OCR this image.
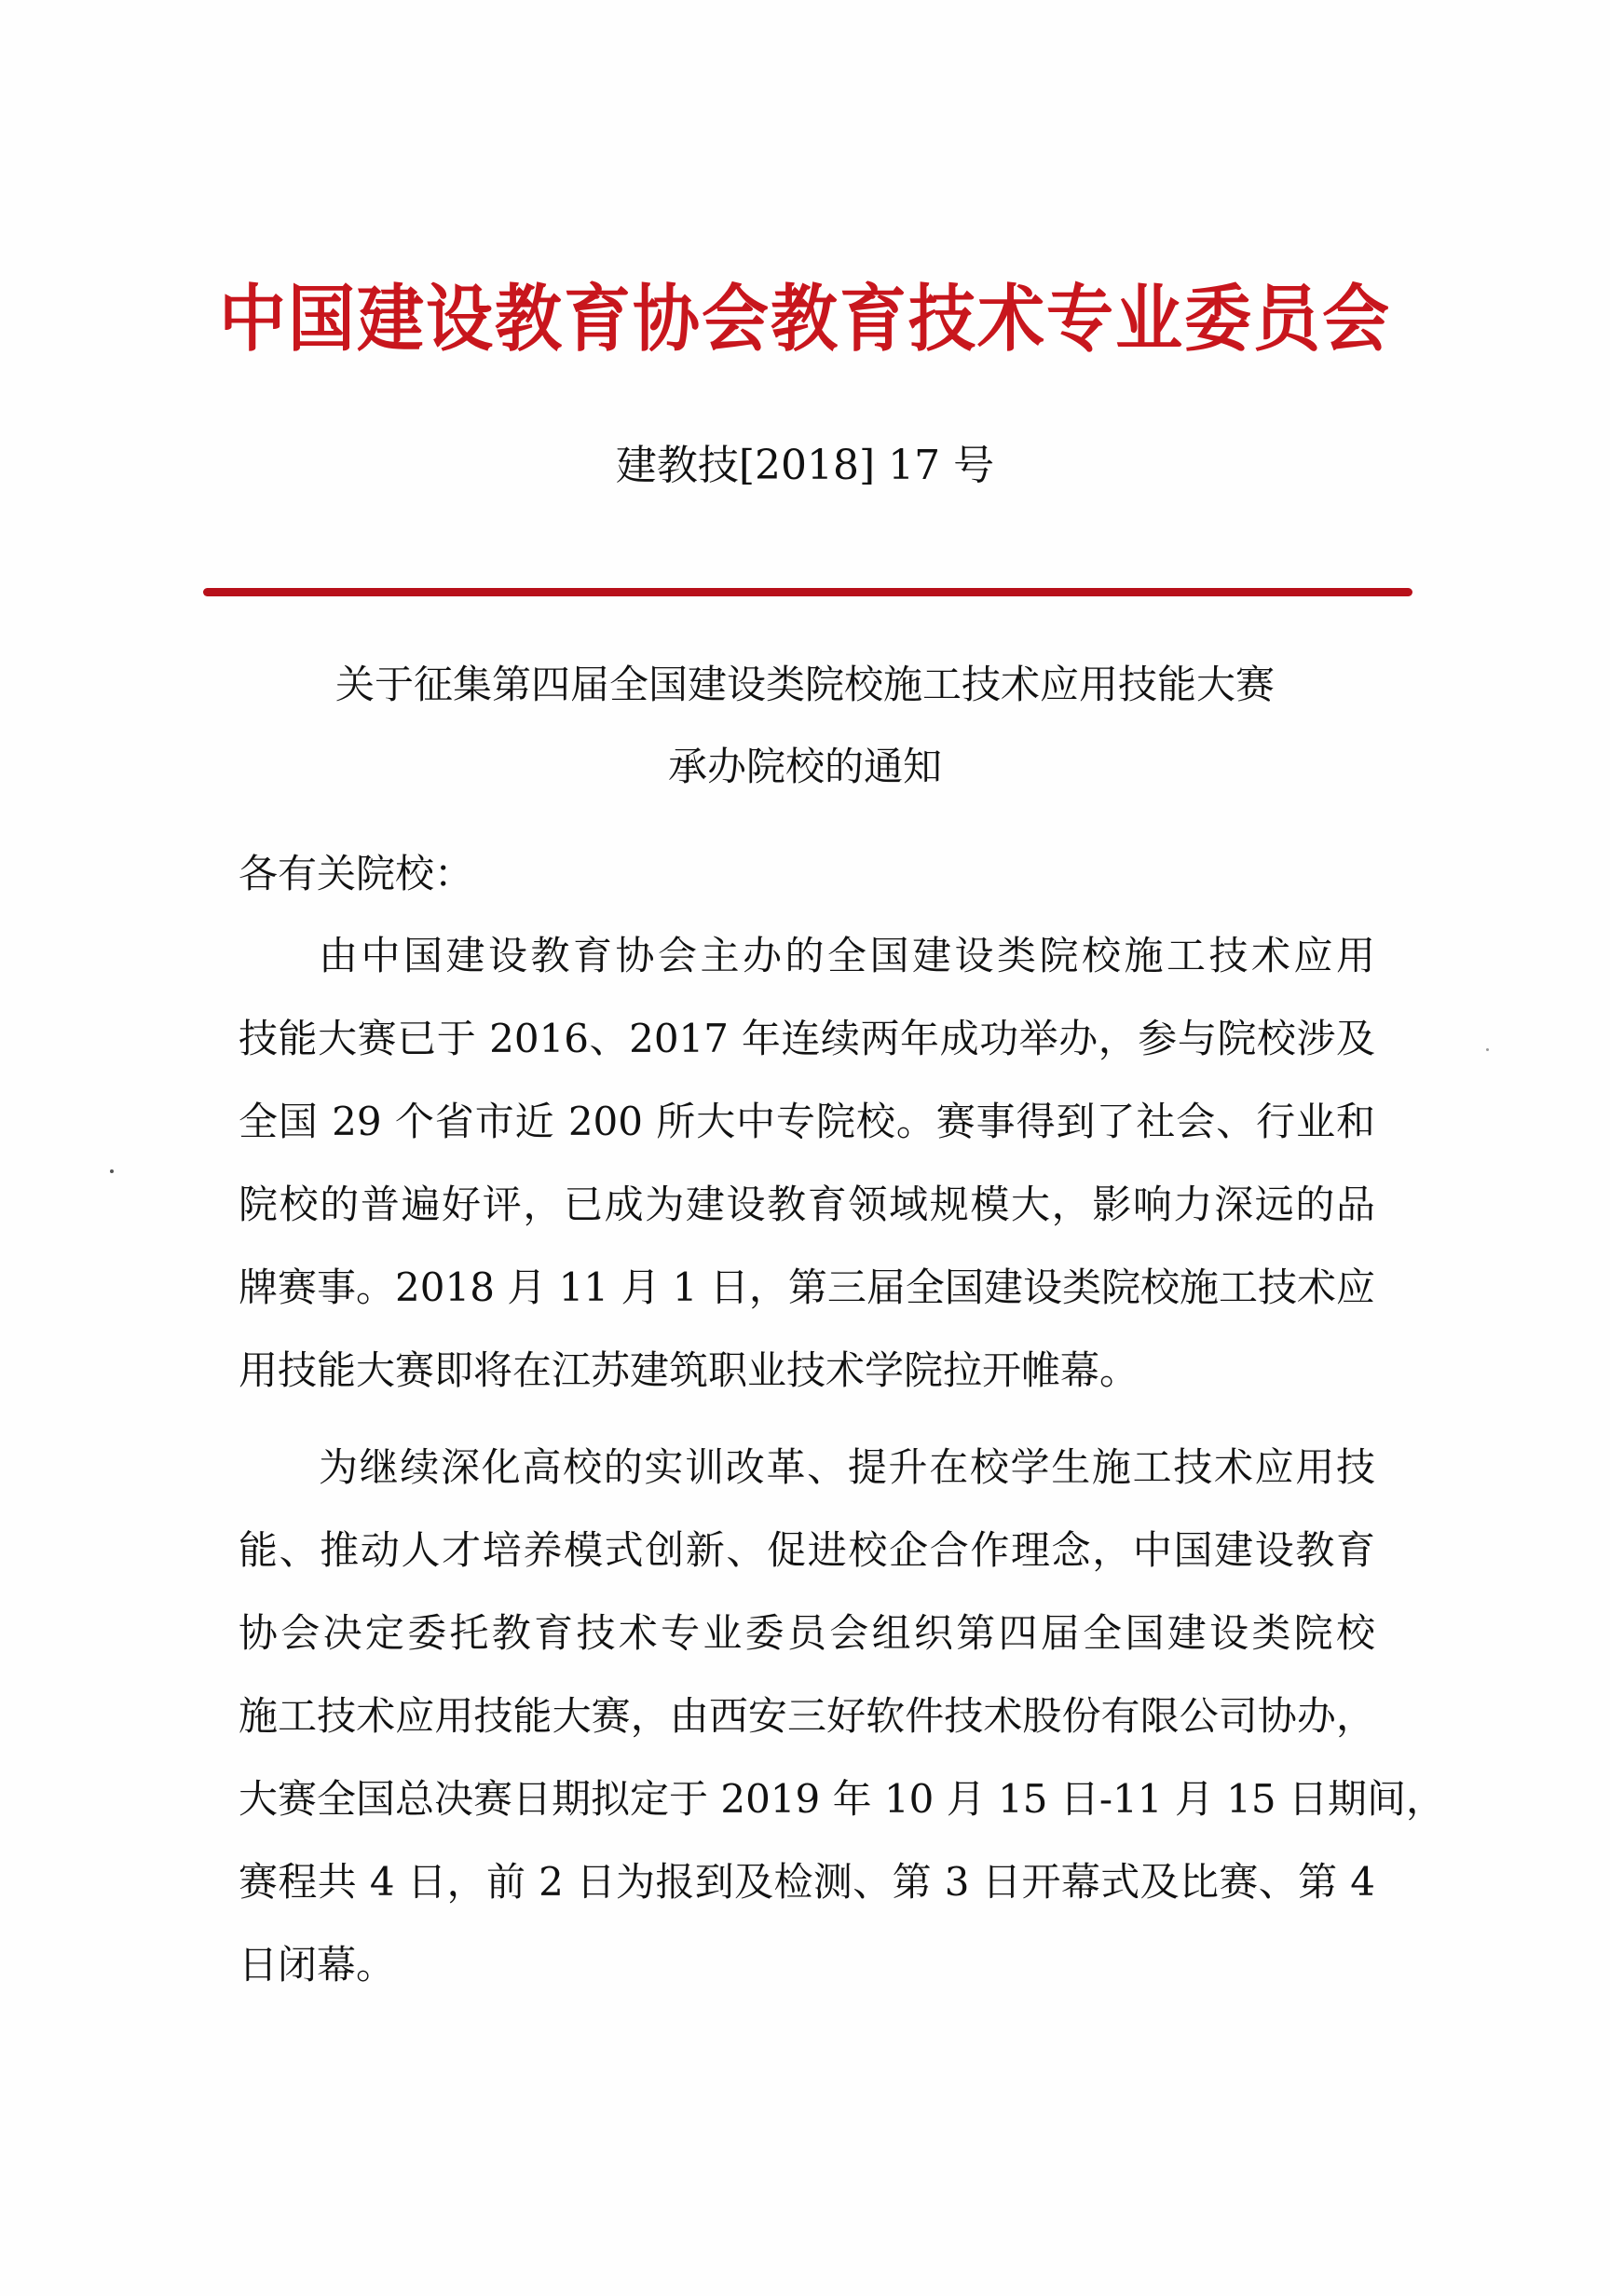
中国建设教育协会教育技术专业委员会
建教技[2018] 17 号
关于征集第四届全国建设类院校施工技术应用技能大赛
承办院校的通知
各有关院校：
由中国建设教育协会主办的全国建设类院校施工技术应用
技能大赛已于 2016、2017 年连续两年成功举办，参与院校涉及
全国 29 个省市近 200 所大中专院校。赛事得到了社会、行业和
院校的普遍好评，已成为建设教育领域规模大，影响力深远的品
牌赛事。2018 月 11 月 1 日，第三届全国建设类院校施工技术应
用技能大赛即将在江苏建筑职业技术学院拉开帷幕。
为继续深化高校的实训改革、提升在校学生施工技术应用技
能、推动人才培养模式创新、促进校企合作理念，中国建设教育
协会决定委托教育技术专业委员会组织第四届全国建设类院校
施工技术应用技能大赛，由西安三好软件技术股份有限公司协办，
大赛全国总决赛日期拟定于 2019 年 10 月 15 日-11 月 15 日期间，
赛程共 4 日，前 2 日为报到及检测、第 3 日开幕式及比赛、第 4
日闭幕。
